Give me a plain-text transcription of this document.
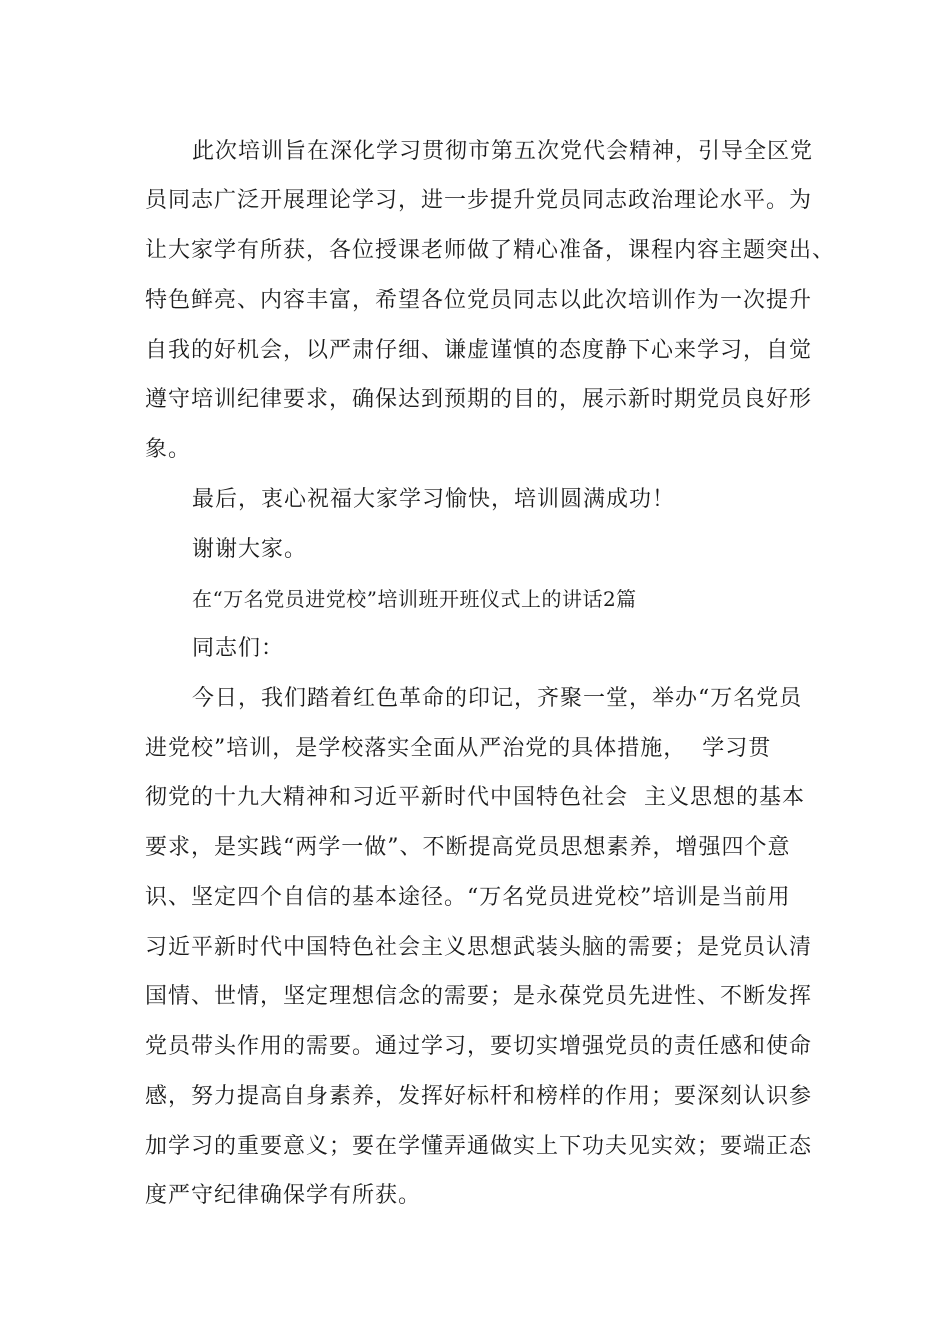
此次培训旨在深化学习贯彻市第五次党代会精神，引导全区党
员同志广泛开展理论学习，进一步提升党员同志政治理论水平。为
让大家学有所获，各位授课老师做了精心准备，课程内容主题突出、
特色鲜亮、内容丰富，希望各位党员同志以此次培训作为一次提升
自我的好机会，以严肃仔细、谦虚谨慎的态度静下心来学习，自觉
遵守培训纪律要求，确保达到预期的目的，展示新时期党员良好形
象。
最后，衷心祝福大家学习愉快，培训圆满成功！
谢谢大家。
在“万名党员进党校”培训班开班仪式上的讲话2篇
同志们：
今日，我们踏着红色革命的印记，齐聚一堂，举办“万名党员
进党校”培训，是学校落实全面从严治党的具体措施，  学习贯
彻党的十九大精神和习近平新时代中国特色社会  主义思想的基本
要求，是实践“两学一做”、不断提高党员思想素养，增强四个意
识、坚定四个自信的基本途径。“万名党员进党校”培训是当前用
习近平新时代中国特色社会主义思想武装头脑的需要；是党员认清
国情、世情，坚定理想信念的需要；是永葆党员先进性、不断发挥
党员带头作用的需要。通过学习，要切实增强党员的责任感和使命
感，努力提高自身素养，发挥好标杆和榜样的作用；要深刻认识参
加学习的重要意义；要在学懂弄通做实上下功夫见实效；要端正态
度严守纪律确保学有所获。
